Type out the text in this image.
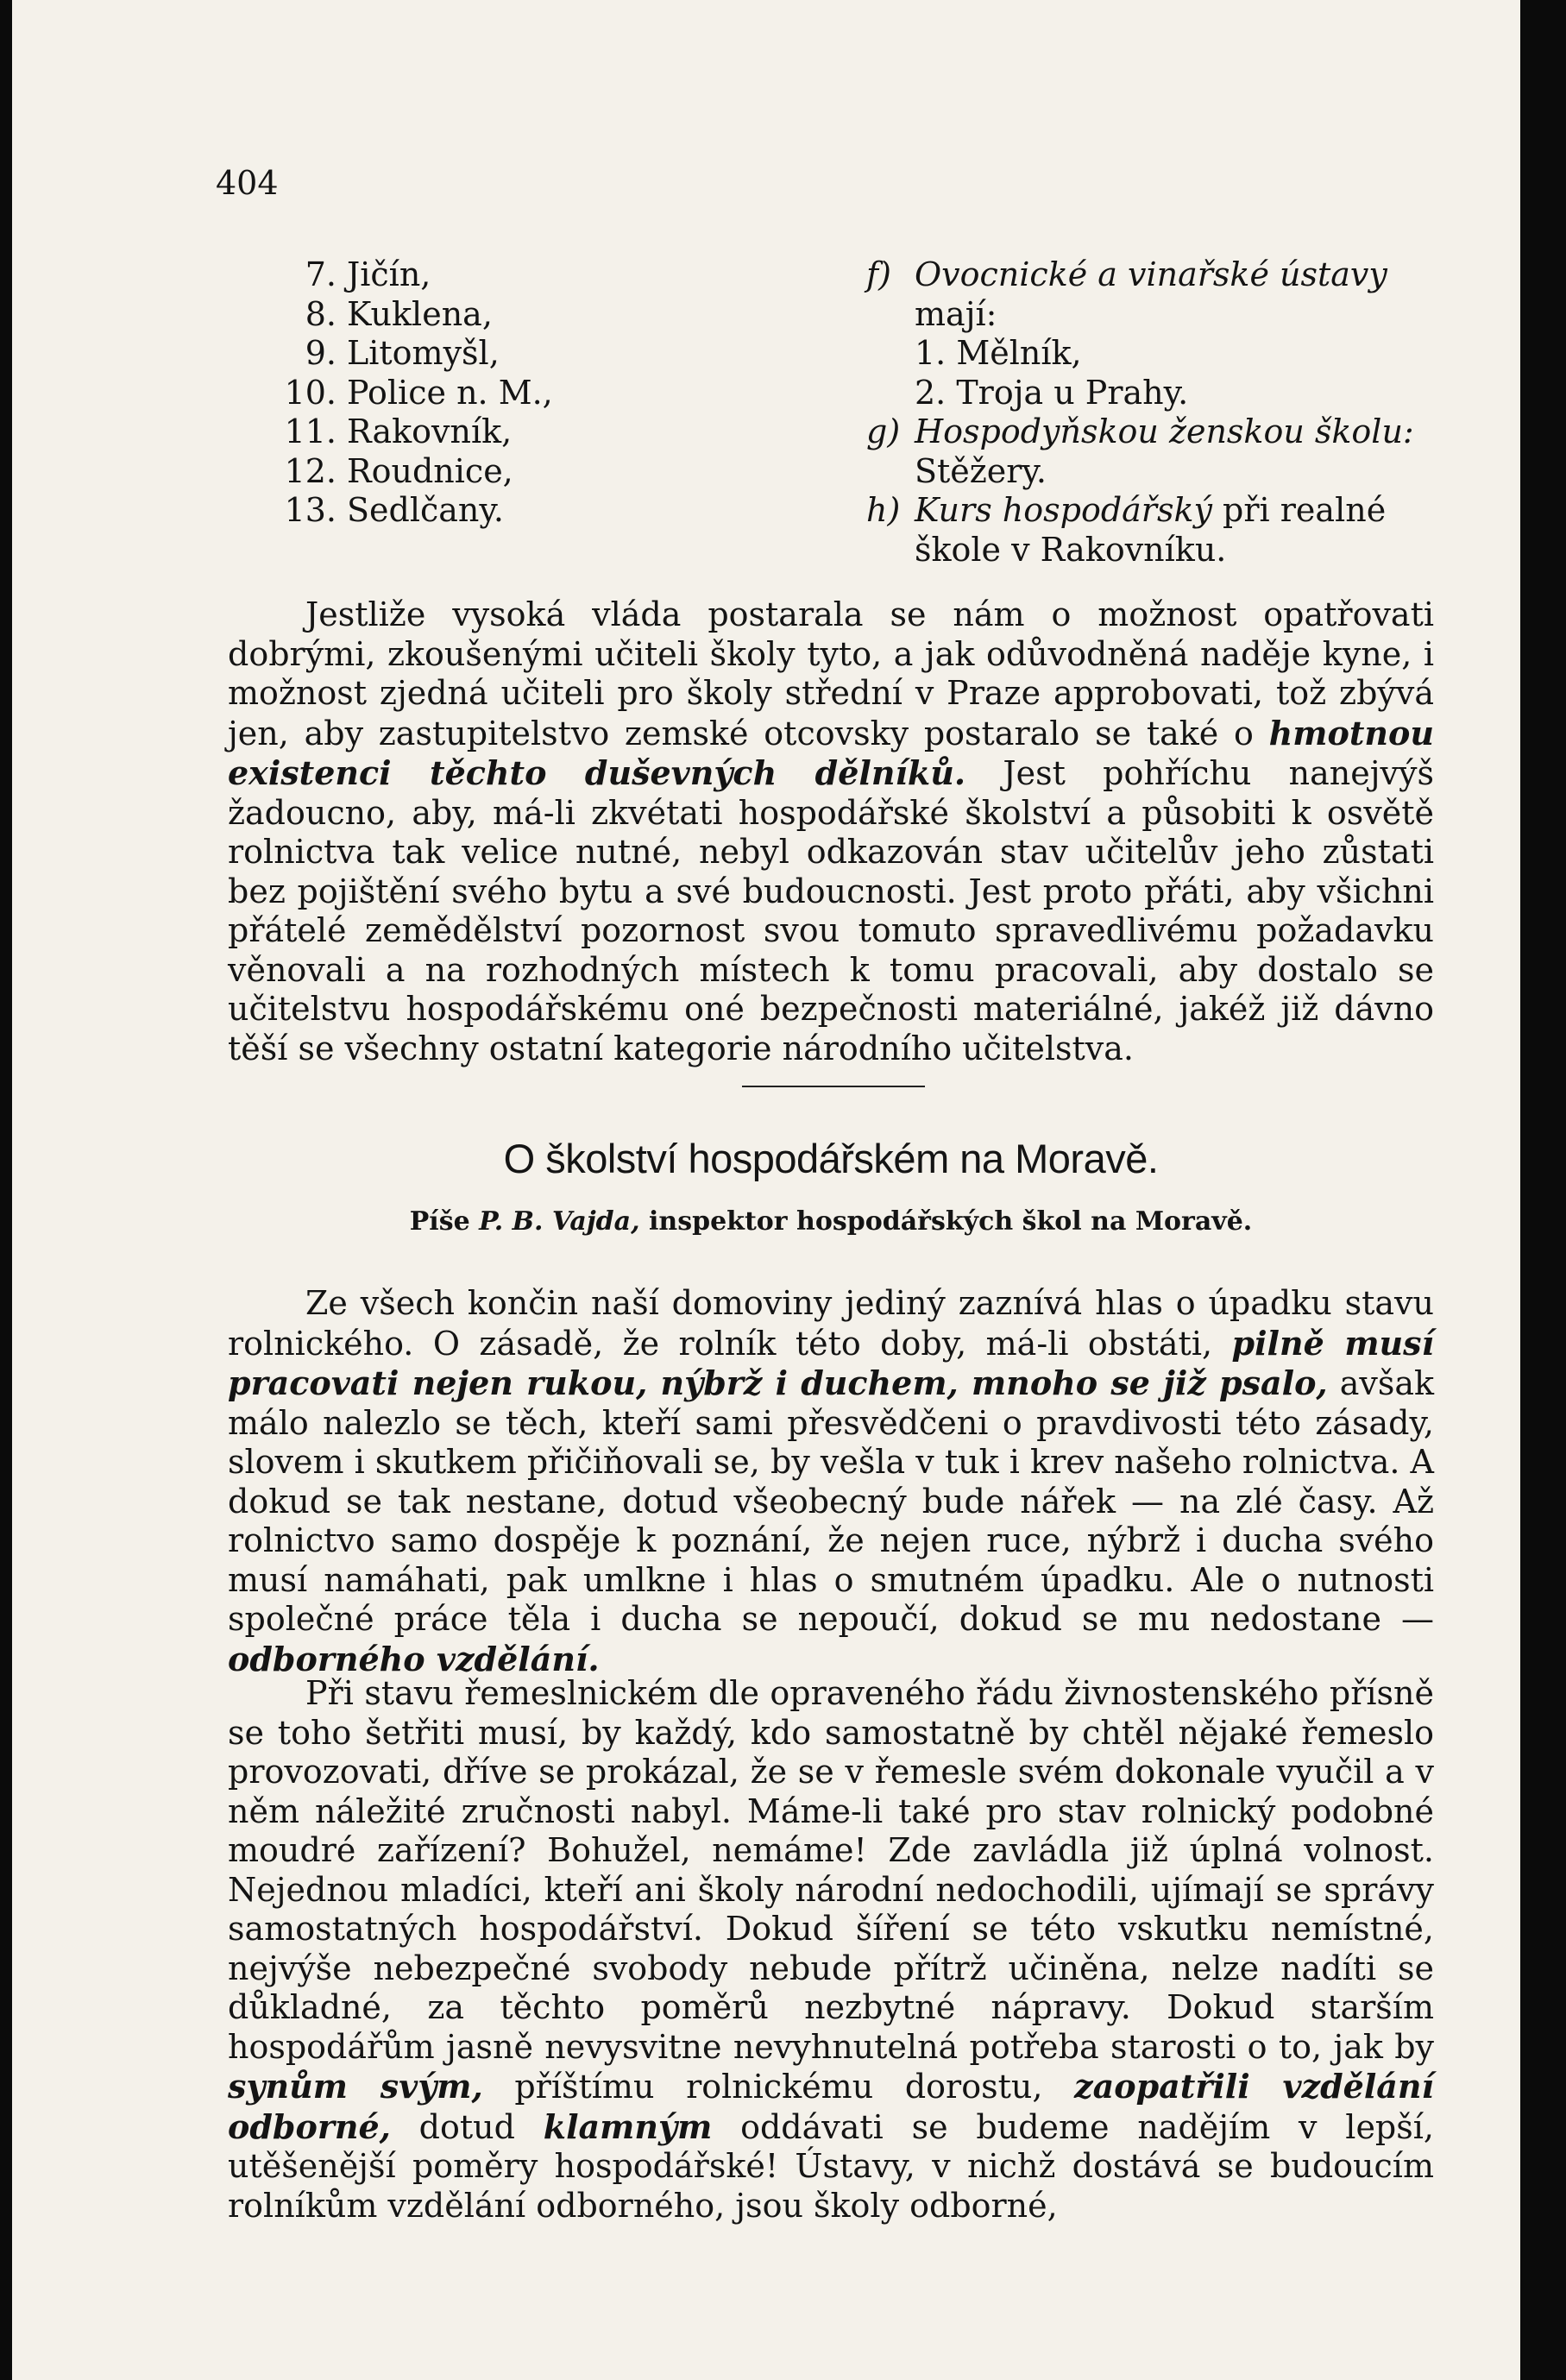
404
7. Jičín,
8. Kuklena,
9. Litomyšl,
10. Police n. M.,
11. Rakovník,
12. Roudnice,
13. Sedlčany.
f) Ovocnické a vinařské ústavy
mají:
1. Mělník,
2. Troja u Prahy.
g) Hospodyňskou ženskou školu:
Stěžery.
h) Kurs hospodářský při realné
škole v Rakovníku.

Jestliže vysoká vláda postarala se nám o možnost opatřovati dobrými, zkoušenými učiteli školy tyto, a jak odůvodněná naděje kyne, i možnost zjedná učiteli pro školy střední v Praze approbovati, tož zbývá jen, aby zastupitelstvo zemské otcovsky postaralo se také o hmotnou existenci těchto duševných dělníků. Jest pohříchu nanejvýš žadoucno, aby, má-li zkvétati hospodářské školství a působiti k osvětě rolnictva tak velice nutné, nebyl odkazován stav učitelův jeho zůstati bez pojištění svého bytu a své budoucnosti. Jest proto přáti, aby všichni přátelé zemědělství pozornost svou tomuto spravedlivému požadavku věnovali a na rozhodných místech k tomu pracovali, aby dostalo se učitelstvu hospodářskému oné bezpečnosti materiálné, jakéž již dávno těší se všechny ostatní kategorie národního učitelstva.

O školství hospodářském na Moravě.
Píše P. B. Vajda, inspektor hospodářských škol na Moravě.

Ze všech končin naší domoviny jediný zaznívá hlas o úpadku stavu rolnického. O zásadě, že rolník této doby, má-li obstáti, pilně musí pracovati nejen rukou, nýbrž i duchem, mnoho se již psalo, avšak málo nalezlo se těch, kteří sami přesvědčeni o pravdivosti této zásady, slovem i skutkem přičiňovali se, by vešla v tuk i krev našeho rolnictva. A dokud se tak nestane, dotud všeobecný bude nářek — na zlé časy. Až rolnictvo samo dospěje k poznání, že nejen ruce, nýbrž i ducha svého musí namáhati, pak umlkne i hlas o smutném úpadku. Ale o nutnosti společné práce těla i ducha se nepoučí, dokud se mu nedostane — odborného vzdělání.

Při stavu řemeslnickém dle opraveného řádu živnostenského přísně se toho šetřiti musí, by každý, kdo samostatně by chtěl nějaké řemeslo provozovati, dříve se prokázal, že se v řemesle svém dokonale vyučil a v něm náležité zručnosti nabyl. Máme-li také pro stav rolnický podobné moudré zařízení? Bohužel, nemáme! Zde zavládla již úplná volnost. Nejednou mladíci, kteří ani školy národní nedochodili, ujímají se správy samostatných hospodářství. Dokud šíření se této vskutku nemístné, nejvýše nebezpečné svobody nebude přítrž učiněna, nelze nadíti se důkladné, za těchto poměrů nezbytné nápravy. Dokud starším hospodářům jasně nevysvitne nevyhnutelná potřeba starosti o to, jak by synům svým, příštímu rolnickému dorostu, zaopatřili vzdělání odborné, dotud klamným oddávati se budeme nadějím v lepší, utěšenější poměry hospodářské! Ústavy, v nichž dostává se budoucím rolníkům vzdělání odborného, jsou školy odborné,
